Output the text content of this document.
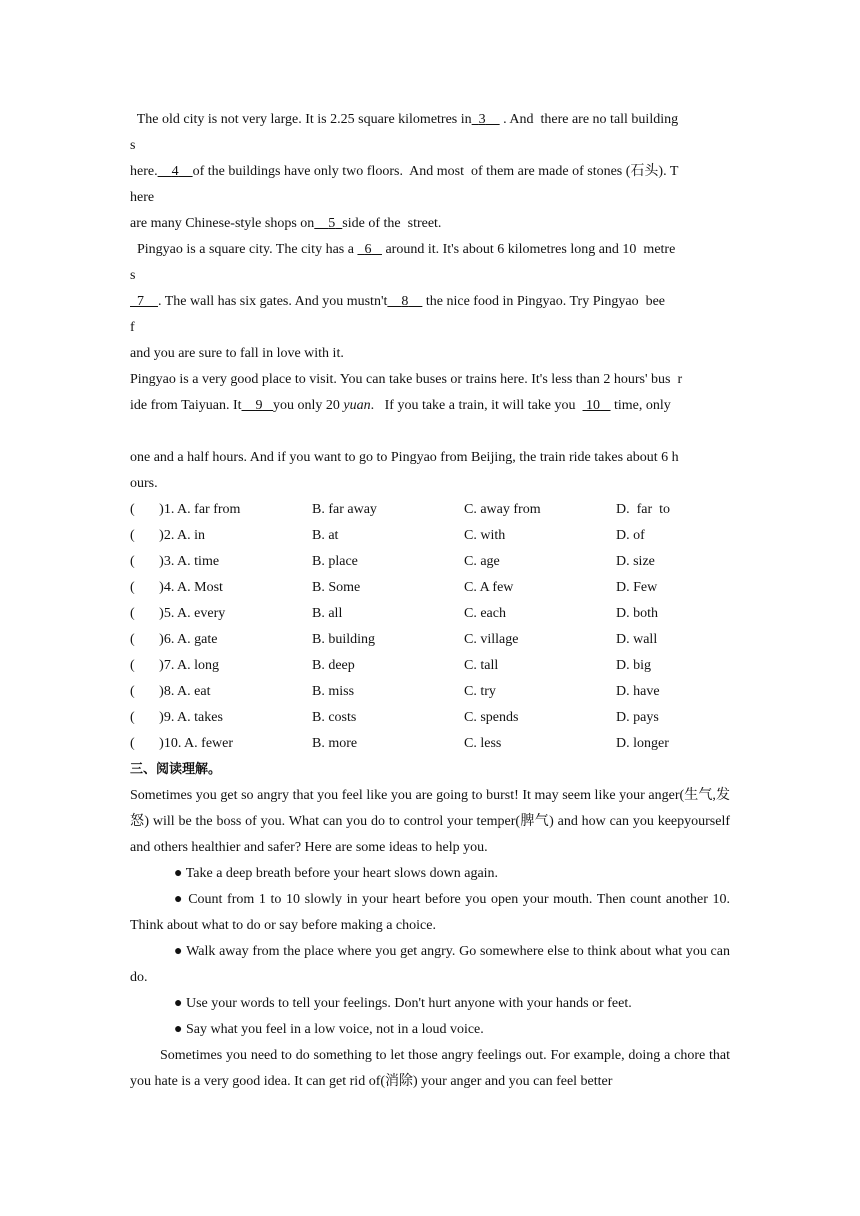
The old city is not very large. It is 2.25 square kilometres in 3     . And  there are no tall building
s
here. 4 of the buildings have only two floors.  And most  of them are made of stones (石头). T
here
are many Chinese-style shops on 5 side of the  street.
Pingyao is a square city. The city has a   6    around it. It's about 6 kilometres long and 10  metre
s
7 . The wall has six gates. And you mustn't 8     the nice food in Pingyao. Try Pingyao  bee
f
and you are sure to fall in love with it.
Pingyao is a very good place to visit. You can take buses or trains here. It's less than 2 hours' bus  r
ide from Taiyuan. It 9 you only 20 yuan.   If you take a train, it will take you   10    time, only
one and a half hours. And if you want to go to Pingyao from Beijing, the train ride takes about 6 h
ours.
(       )1. A. far from	B. far away	C. away from	D.  far  to
(       )2. A. in	B. at	C. with	D. of
(       )3. A. time	B. place	C. age	D. size
(       )4. A. Most	B. Some	C. A few	D. Few
(       )5. A. every	B. all	C. each	D. both
(       )6. A. gate	B. building	C. village	D. wall
(       )7. A. long	B. deep	C. tall	D. big
(       )8. A. eat	B. miss	C. try	D. have
(       )9. A. takes	B. costs	C. spends	D. pays
(       )10. A. fewer	B. more	C. less	D. longer
三、阅读理解。

Sometimes you get so angry that you feel like you are going to burst! It may seem like your anger(生气,发怒) will be the boss of you. What can you do to control your temper(脾气) and how can you keepyourself and others healthier and safer? Here are some ideas to help you.

● Take a deep breath before your heart slows down again.

● Count from 1 to 10 slowly in your heart before you open your mouth. Then count another 10. Think about what to do or say before making a choice.

● Walk away from the place where you get angry. Go somewhere else to think about what you can do.

● Use your words to tell your feelings. Don't hurt anyone with your hands or feet.

● Say what you feel in a low voice, not in a loud voice.

Sometimes you need to do something to let those angry feelings out. For example, doing a chore that you hate is a very good idea. It can get rid of(消除) your anger and you can feel better
